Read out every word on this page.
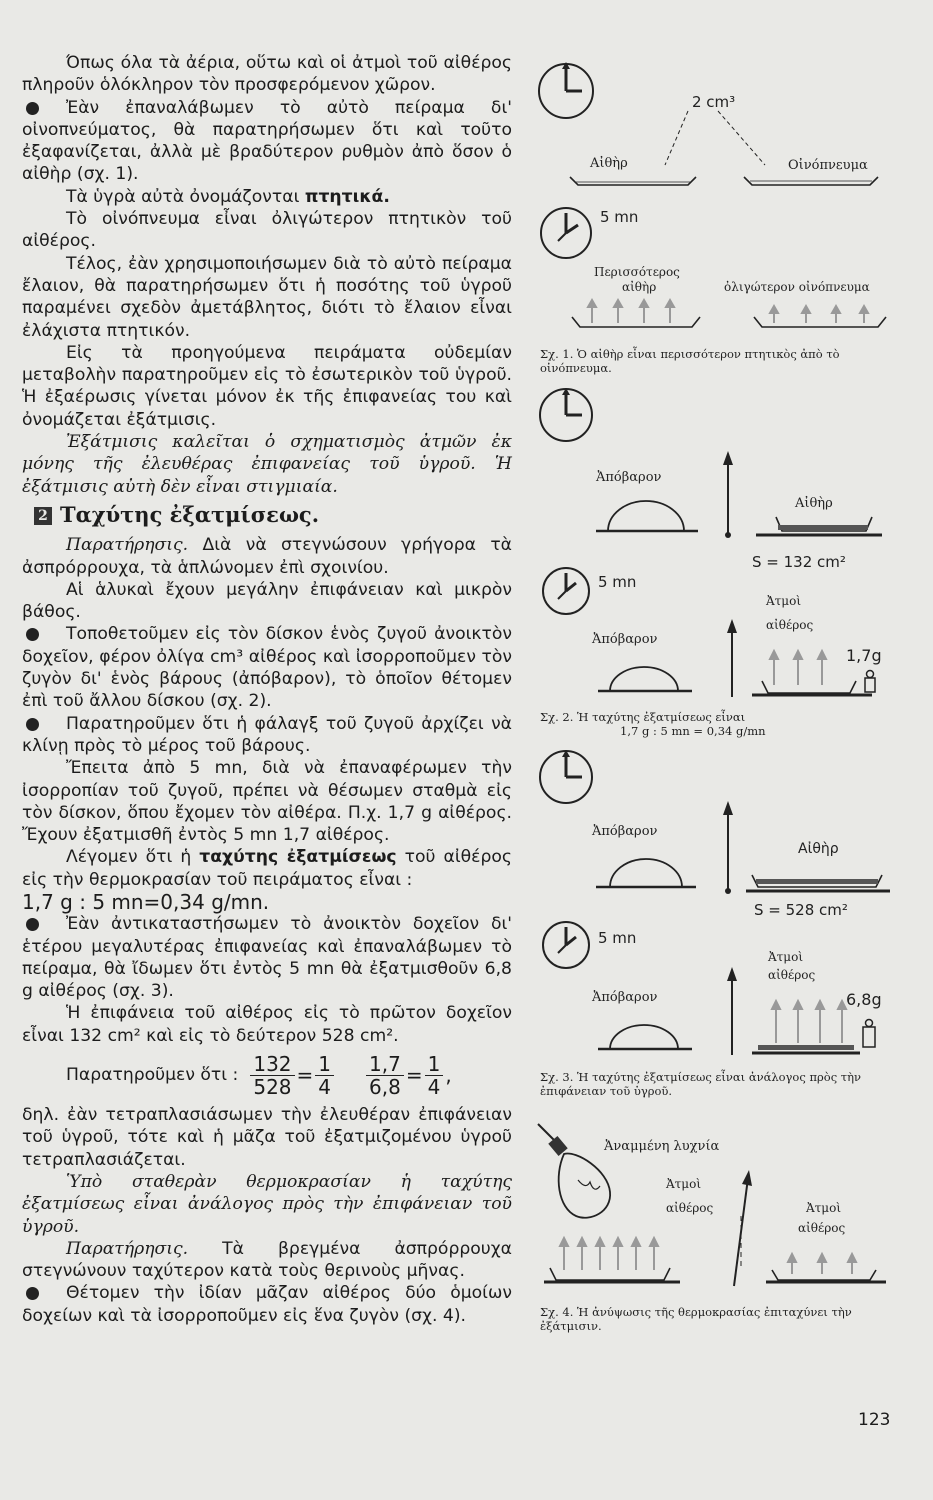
Όπως όλα τὰ ἀέρια, οὕτω καὶ οἱ ἀτμοὶ τοῦ αἰθέρος πληροῦν ὁλόκληρον τὸν προσφερόμενον χῶρον.

Ἐὰν ἐπαναλάβωμεν τὸ αὐτὸ πείραμα δι' οἰνοπνεύματος, θὰ παρατηρήσωμεν ὅτι καὶ τοῦτο ἐξαφανίζεται, ἀλλὰ μὲ βραδύτερον ρυθμὸν ἀπὸ ὅσον ὁ αἰθὴρ (σχ. 1).

Τὰ ὑγρὰ αὐτὰ ὀνομάζονται πτητικά.

Τὸ οἰνόπνευμα εἶναι ὀλιγώτερον πτητικὸν τοῦ αἰθέρος.

Τέλος, ἐὰν χρησιμοποιήσωμεν διὰ τὸ αὐτὸ πείραμα ἔλαιον, θὰ παρατηρήσωμεν ὅτι ἡ ποσότης τοῦ ὑγροῦ παραμένει σχεδὸν ἀμετάβλητος, διότι τὸ ἔλαιον εἶναι ἐλάχιστα πτητικόν.

Εἰς τὰ προηγούμενα πειράματα οὐδεμίαν μεταβολὴν παρατηροῦμεν εἰς τὸ ἐσωτερικὸν τοῦ ὑγροῦ. Ἡ ἐξαέρωσις γίνεται μόνον ἐκ τῆς ἐπιφανείας του καὶ ὀνομάζεται ἐξάτμισις.

Ἐξάτμισις καλεῖται ὁ σχηματισμὸς ἀτμῶν ἐκ μόνης τῆς ἐλευθέρας ἐπιφανείας τοῦ ὑγροῦ. Ἡ ἐξάτμισις αὐτὴ δὲν εἶναι στιγμιαία.

2 Ταχύτης ἐξατμίσεως.

Παρατήρησις. Διὰ νὰ στεγνώσουν γρήγορα τὰ ἀσπρόρρουχα, τὰ ἁπλώνομεν ἐπὶ σχοινίου.

Αἱ ἁλυκαὶ ἔχουν μεγάλην ἐπιφάνειαν καὶ μικρὸν βάθος.

Τοποθετοῦμεν εἰς τὸν δίσκον ἑνὸς ζυγοῦ ἀνοικτὸν δοχεῖον, φέρον ὀλίγα cm³ αἰθέρος καὶ ἰσορροποῦμεν τὸν ζυγὸν δι' ἑνὸς βάρους (ἀπόβαρον), τὸ ὁποῖον θέτομεν ἐπὶ τοῦ ἄλλου δίσκου (σχ. 2).

Παρατηροῦμεν ὅτι ἡ φάλαγξ τοῦ ζυγοῦ ἀρχίζει νὰ κλίνῃ πρὸς τὸ μέρος τοῦ βάρους.

Ἔπειτα ἀπὸ 5 mn, διὰ νὰ ἐπαναφέρωμεν τὴν ἰσορροπίαν τοῦ ζυγοῦ, πρέπει νὰ θέσωμεν σταθμὰ εἰς τὸν δίσκον, ὅπου ἔχομεν τὸν αἰθέρα. Π.χ. 1,7 g αἰθέρος. Ἔχουν ἐξατμισθῆ ἐντὸς 5 mn 1,7 αἰθέρος.

Λέγομεν ὅτι ἡ ταχύτης ἐξατμίσεως τοῦ αἰθέρος εἰς τὴν θερμοκρασίαν τοῦ πειράματος εἶναι :

1,7 g : 5 mn=0,34 g/mn.

Ἐὰν ἀντικαταστήσωμεν τὸ ἀνοικτὸν δοχεῖον δι' ἑτέρου μεγαλυτέρας ἐπιφανείας καὶ ἐπαναλάβωμεν τὸ πείραμα, θὰ ἴδωμεν ὅτι ἐντὸς 5 mn θὰ ἐξατμισθοῦν 6,8 g αἰθέρος (σχ. 3).

Ἡ ἐπιφάνεια τοῦ αἰθέρος εἰς τὸ πρῶτον δοχεῖον εἶναι 132 cm² καὶ εἰς τὸ δεύτερον 528 cm².

Παρατηροῦμεν ὅτι : $\frac{132}{528} = \frac{1}{4} \frac{1,7}{6,8} = \frac{1}{4}$ ,

δηλ. ἐὰν τετραπλασιάσωμεν τὴν ἐλευθέραν ἐπιφάνειαν τοῦ ὑγροῦ, τότε καὶ ἡ μᾶζα τοῦ ἐξατμιζομένου ὑγροῦ τετραπλασιάζεται.

Ὑπὸ σταθερὰν θερμοκρασίαν ἡ ταχύτης ἐξατμίσεως εἶναι ἀνάλογος πρὸς τὴν ἐπιφάνειαν τοῦ ὑγροῦ.

Παρατήρησις. Τὰ βρεγμένα ἀσπρόρρουχα στεγνώνουν ταχύτερον κατὰ τοὺς θερινοὺς μῆνας.

Θέτομεν τὴν ἰδίαν μᾶζαν αἰθέρος δύο ὁμοίων δοχείων καὶ τὰ ἰσορροποῦμεν εἰς ἕνα ζυγὸν (σχ. 4).

2 cm³
Αἰθὴρ	Οἰνόπνευμα
5 mn
Περισσότερος
αἰθὴρ	ὀλιγώτερον οἰνόπνευμα
Σχ. 1. Ὁ αἰθὴρ εἶναι περισσότερον πτητικὸς ἀπὸ τὸ οἰνόπνευμα.
Ἀπόβαρον
Αἰθὴρ
S = 132 cm²
5 mn
Ἀτμοὶ
αἰθέρος
Ἀπόβαρον
1,7g
Σχ. 2. Ἡ ταχύτης ἐξατμίσεως εἶναι
1,7 g : 5 mn = 0,34 g/mn
Ἀπόβαρον
Αἰθὴρ
S = 528 cm²
5 mn
Ἀτμοὶ
αἰθέρος
Ἀπόβαρον	6,8g
Σχ. 3. Ἡ ταχύτης ἐξατμίσεως εἶναι ἀνάλογος πρὸς τὴν ἐπιφάνειαν τοῦ ὑγροῦ.
Ἀναμμένη λυχνία
Ἀτμοὶ
αἰθέρος	Ἀτμοὶ
αἰθέρος
Σχ. 4. Ἡ ἀνύψωσις τῆς θερμοκρασίας ἐπιταχύνει τὴν ἐξάτμισιν.
123
